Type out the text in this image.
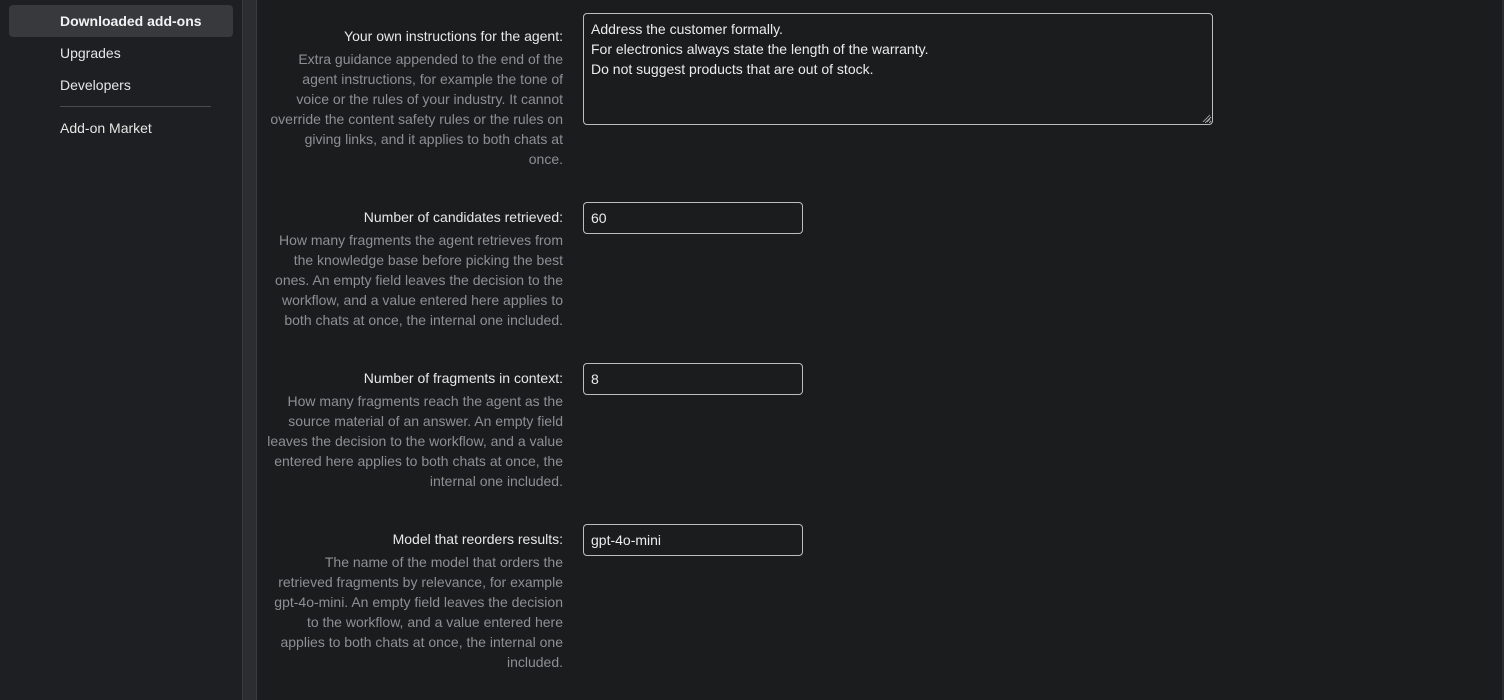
Downloaded add-ons
Upgrades
Developers
Add-on Market
Your own instructions for the agent:
Extra guidance appended to the end of the agent instructions, for example the tone of voice or the rules of your industry. It cannot override the content safety rules or the rules on giving links, and it applies to both chats at once.
Address the customer formally. For electronics always state the length of the warranty. Do not suggest products that are out of stock.
Number of candidates retrieved:
How many fragments the agent retrieves from the knowledge base before picking the best ones. An empty field leaves the decision to the workflow, and a value entered here applies to both chats at once, the internal one included.
60
Number of fragments in context:
How many fragments reach the agent as the source material of an answer. An empty field leaves the decision to the workflow, and a value entered here applies to both chats at once, the internal one included.
8
Model that reorders results:
The name of the model that orders the retrieved fragments by relevance, for example gpt-4o-mini. An empty field leaves the decision to the workflow, and a value entered here applies to both chats at once, the internal one included.
gpt-4o-mini
